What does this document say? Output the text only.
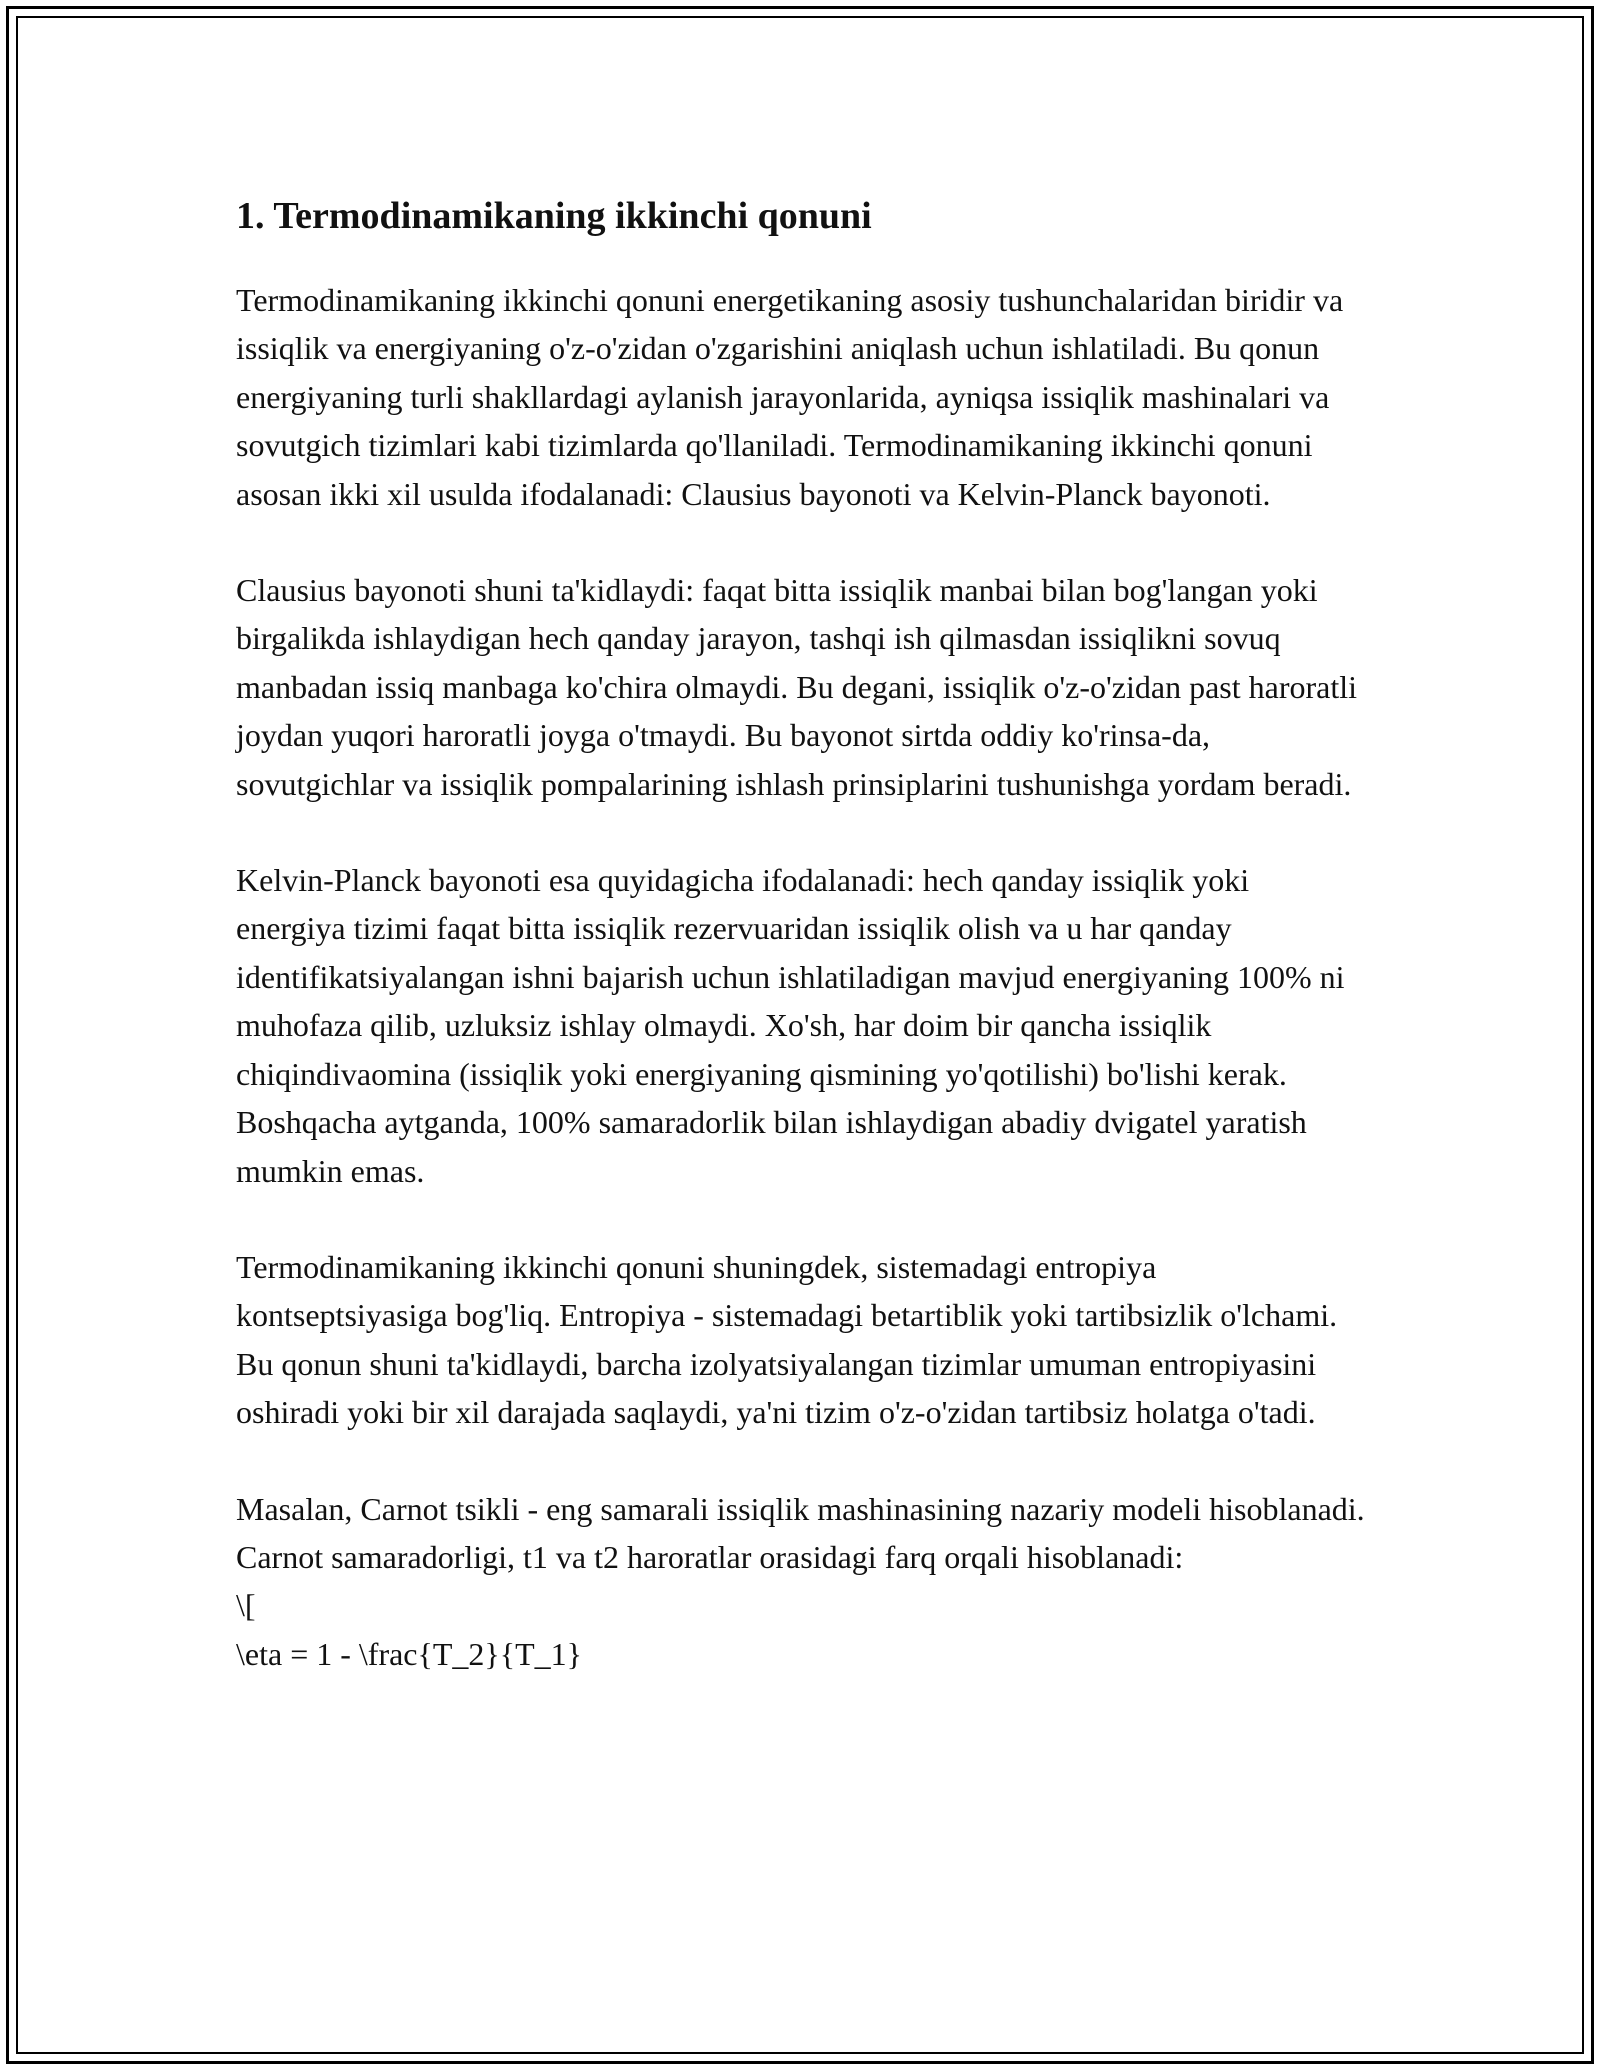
1. Termodinamikaning ikkinchi qonuni

Termodinamikaning ikkinchi qonuni energetikaning asosiy tushunchalaridan biridir va issiqlik va energiyaning o'z-o'zidan o'zgarishini aniqlash uchun ishlatiladi. Bu qonun energiyaning turli shakllardagi aylanish jarayonlarida, ayniqsa issiqlik mashinalari va sovutgich tizimlari kabi tizimlarda qo'llaniladi. Termodinamikaning ikkinchi qonuni asosan ikki xil usulda ifodalanadi: Clausius bayonoti va Kelvin-Planck bayonoti.

Clausius bayonoti shuni ta'kidlaydi: faqat bitta issiqlik manbai bilan bog'langan yoki birgalikda ishlaydigan hech qanday jarayon, tashqi ish qilmasdan issiqlikni sovuq manbadan issiq manbaga ko'chira olmaydi. Bu degani, issiqlik o'z-o'zidan past haroratli joydan yuqori haroratli joyga o'tmaydi. Bu bayonot sirtda oddiy ko'rinsa-da, sovutgichlar va issiqlik pompalarining ishlash prinsiplarini tushunishga yordam beradi.

Kelvin-Planck bayonoti esa quyidagicha ifodalanadi: hech qanday issiqlik yoki energiya tizimi faqat bitta issiqlik rezervuaridan issiqlik olish va u har qanday identifikatsiyalangan ishni bajarish uchun ishlatiladigan mavjud energiyaning 100% ni muhofaza qilib, uzluksiz ishlay olmaydi. Xo'sh, har doim bir qancha issiqlik chiqindivaomina (issiqlik yoki energiyaning qismining yo'qotilishi) bo'lishi kerak. Boshqacha aytganda, 100% samaradorlik bilan ishlaydigan abadiy dvigatel yaratish mumkin emas.

Termodinamikaning ikkinchi qonuni shuningdek, sistemadagi entropiya kontseptsiyasiga bog'liq. Entropiya - sistemadagi betartiblik yoki tartibsizlik o'lchami. Bu qonun shuni ta'kidlaydi, barcha izolyatsiyalangan tizimlar umuman entropiyasini oshiradi yoki bir xil darajada saqlaydi, ya'ni tizim o'z-o'zidan tartibsiz holatga o'tadi.

Masalan, Carnot tsikli - eng samarali issiqlik mashinasining nazariy modeli hisoblanadi. Carnot samaradorligi, t1 va t2 haroratlar orasidagi farq orqali hisoblanadi:

\[
\eta = 1 - \frac{T_2}{T_1}
